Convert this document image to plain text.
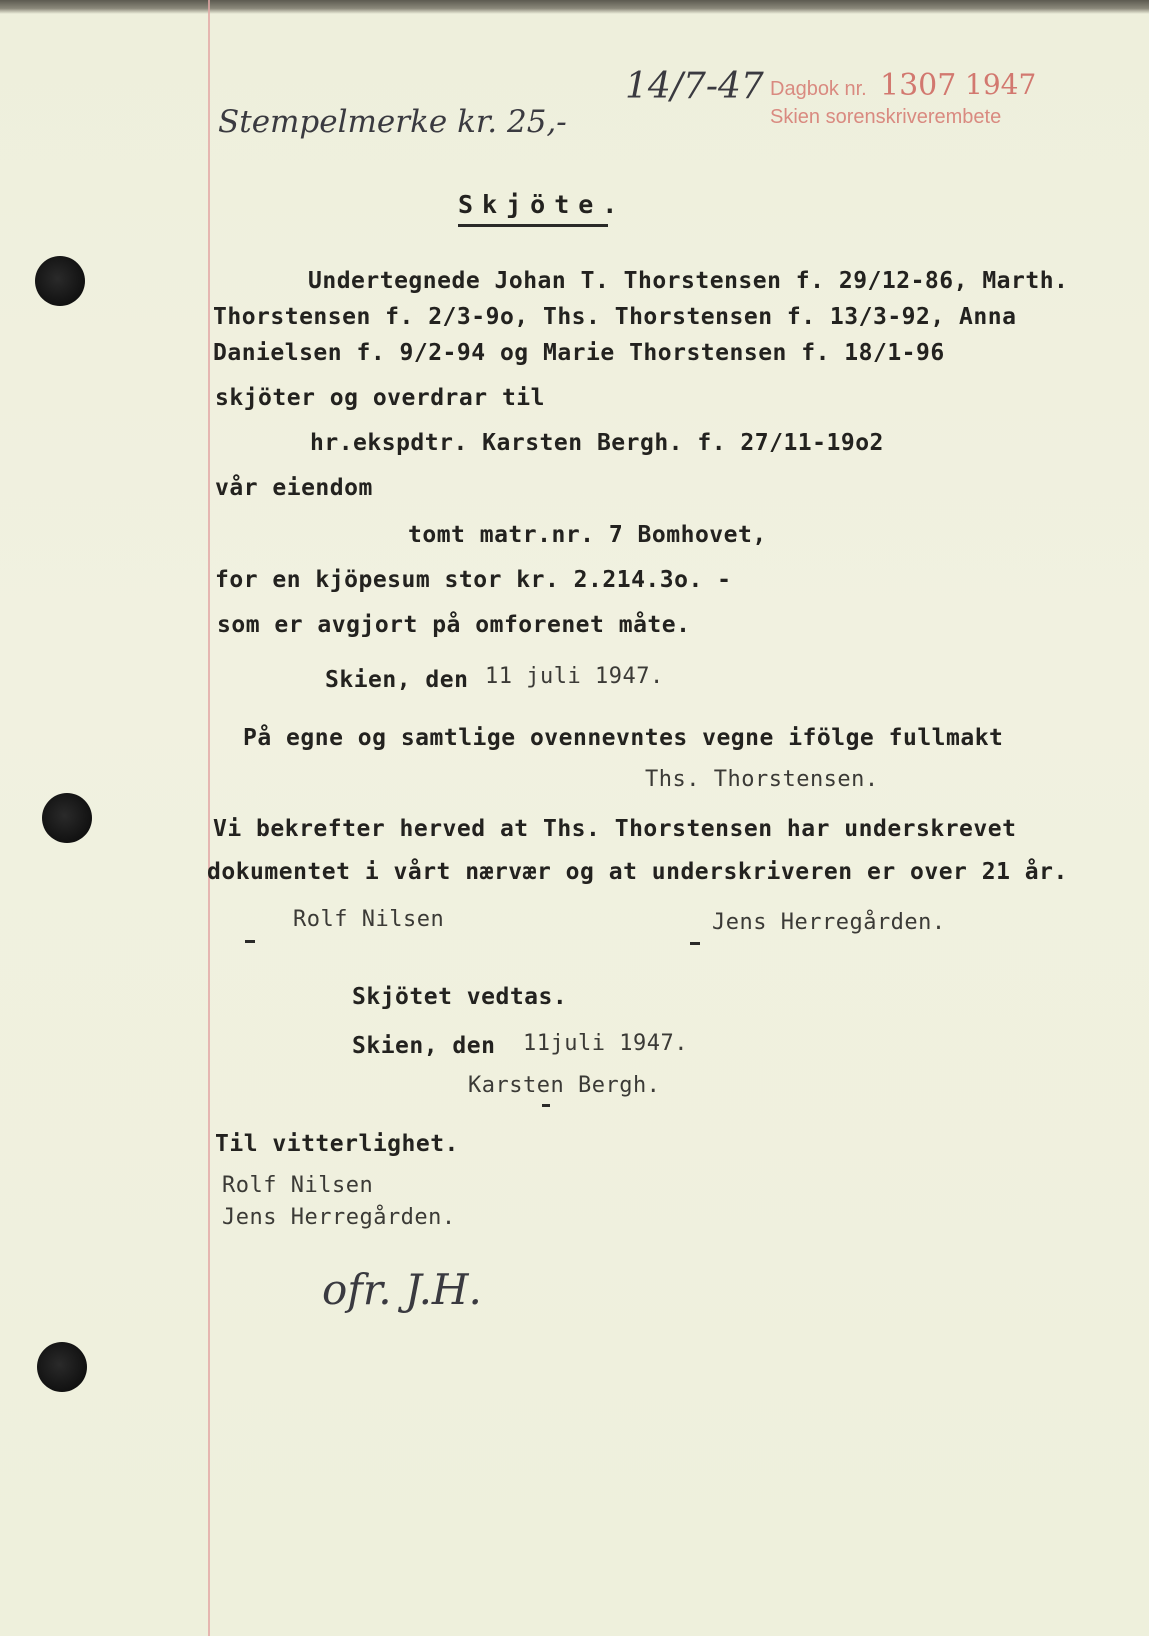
Stempelmerke kr. 25,-
14/7-47 Dagbok nr. 1307 1947
Skien sorenskriverembete
Skjöte.
Undertegnede Johan T. Thorstensen f. 29/12-86, Marth.
Thorstensen f. 2/3-9o, Ths. Thorstensen f. 13/3-92, Anna
Danielsen f. 9/2-94 og Marie Thorstensen f. 18/1-96
skjöter og overdrar til
hr.ekspdtr. Karsten Bergh. f. 27/11-19o2
vår eiendom
tomt matr.nr. 7 Bomhovet,
for en kjöpesum stor kr. 2.214.3o. -
som er avgjort på omforenet måte.
Skien, den 11 juli 1947.
På egne og samtlige ovennevntes vegne ifölge fullmakt
Ths. Thorstensen.
Vi bekrefter herved at Ths. Thorstensen har underskrevet
dokumentet i vårt nærvær og at underskriveren er over 21 år.
Rolf Nilsen	Jens Herregården.
Skjötet vedtas.
Skien, den 11juli 1947.
Karsten Bergh.
Til vitterlighet.
Rolf Nilsen
Jens Herregården.
ofr. J.H.
